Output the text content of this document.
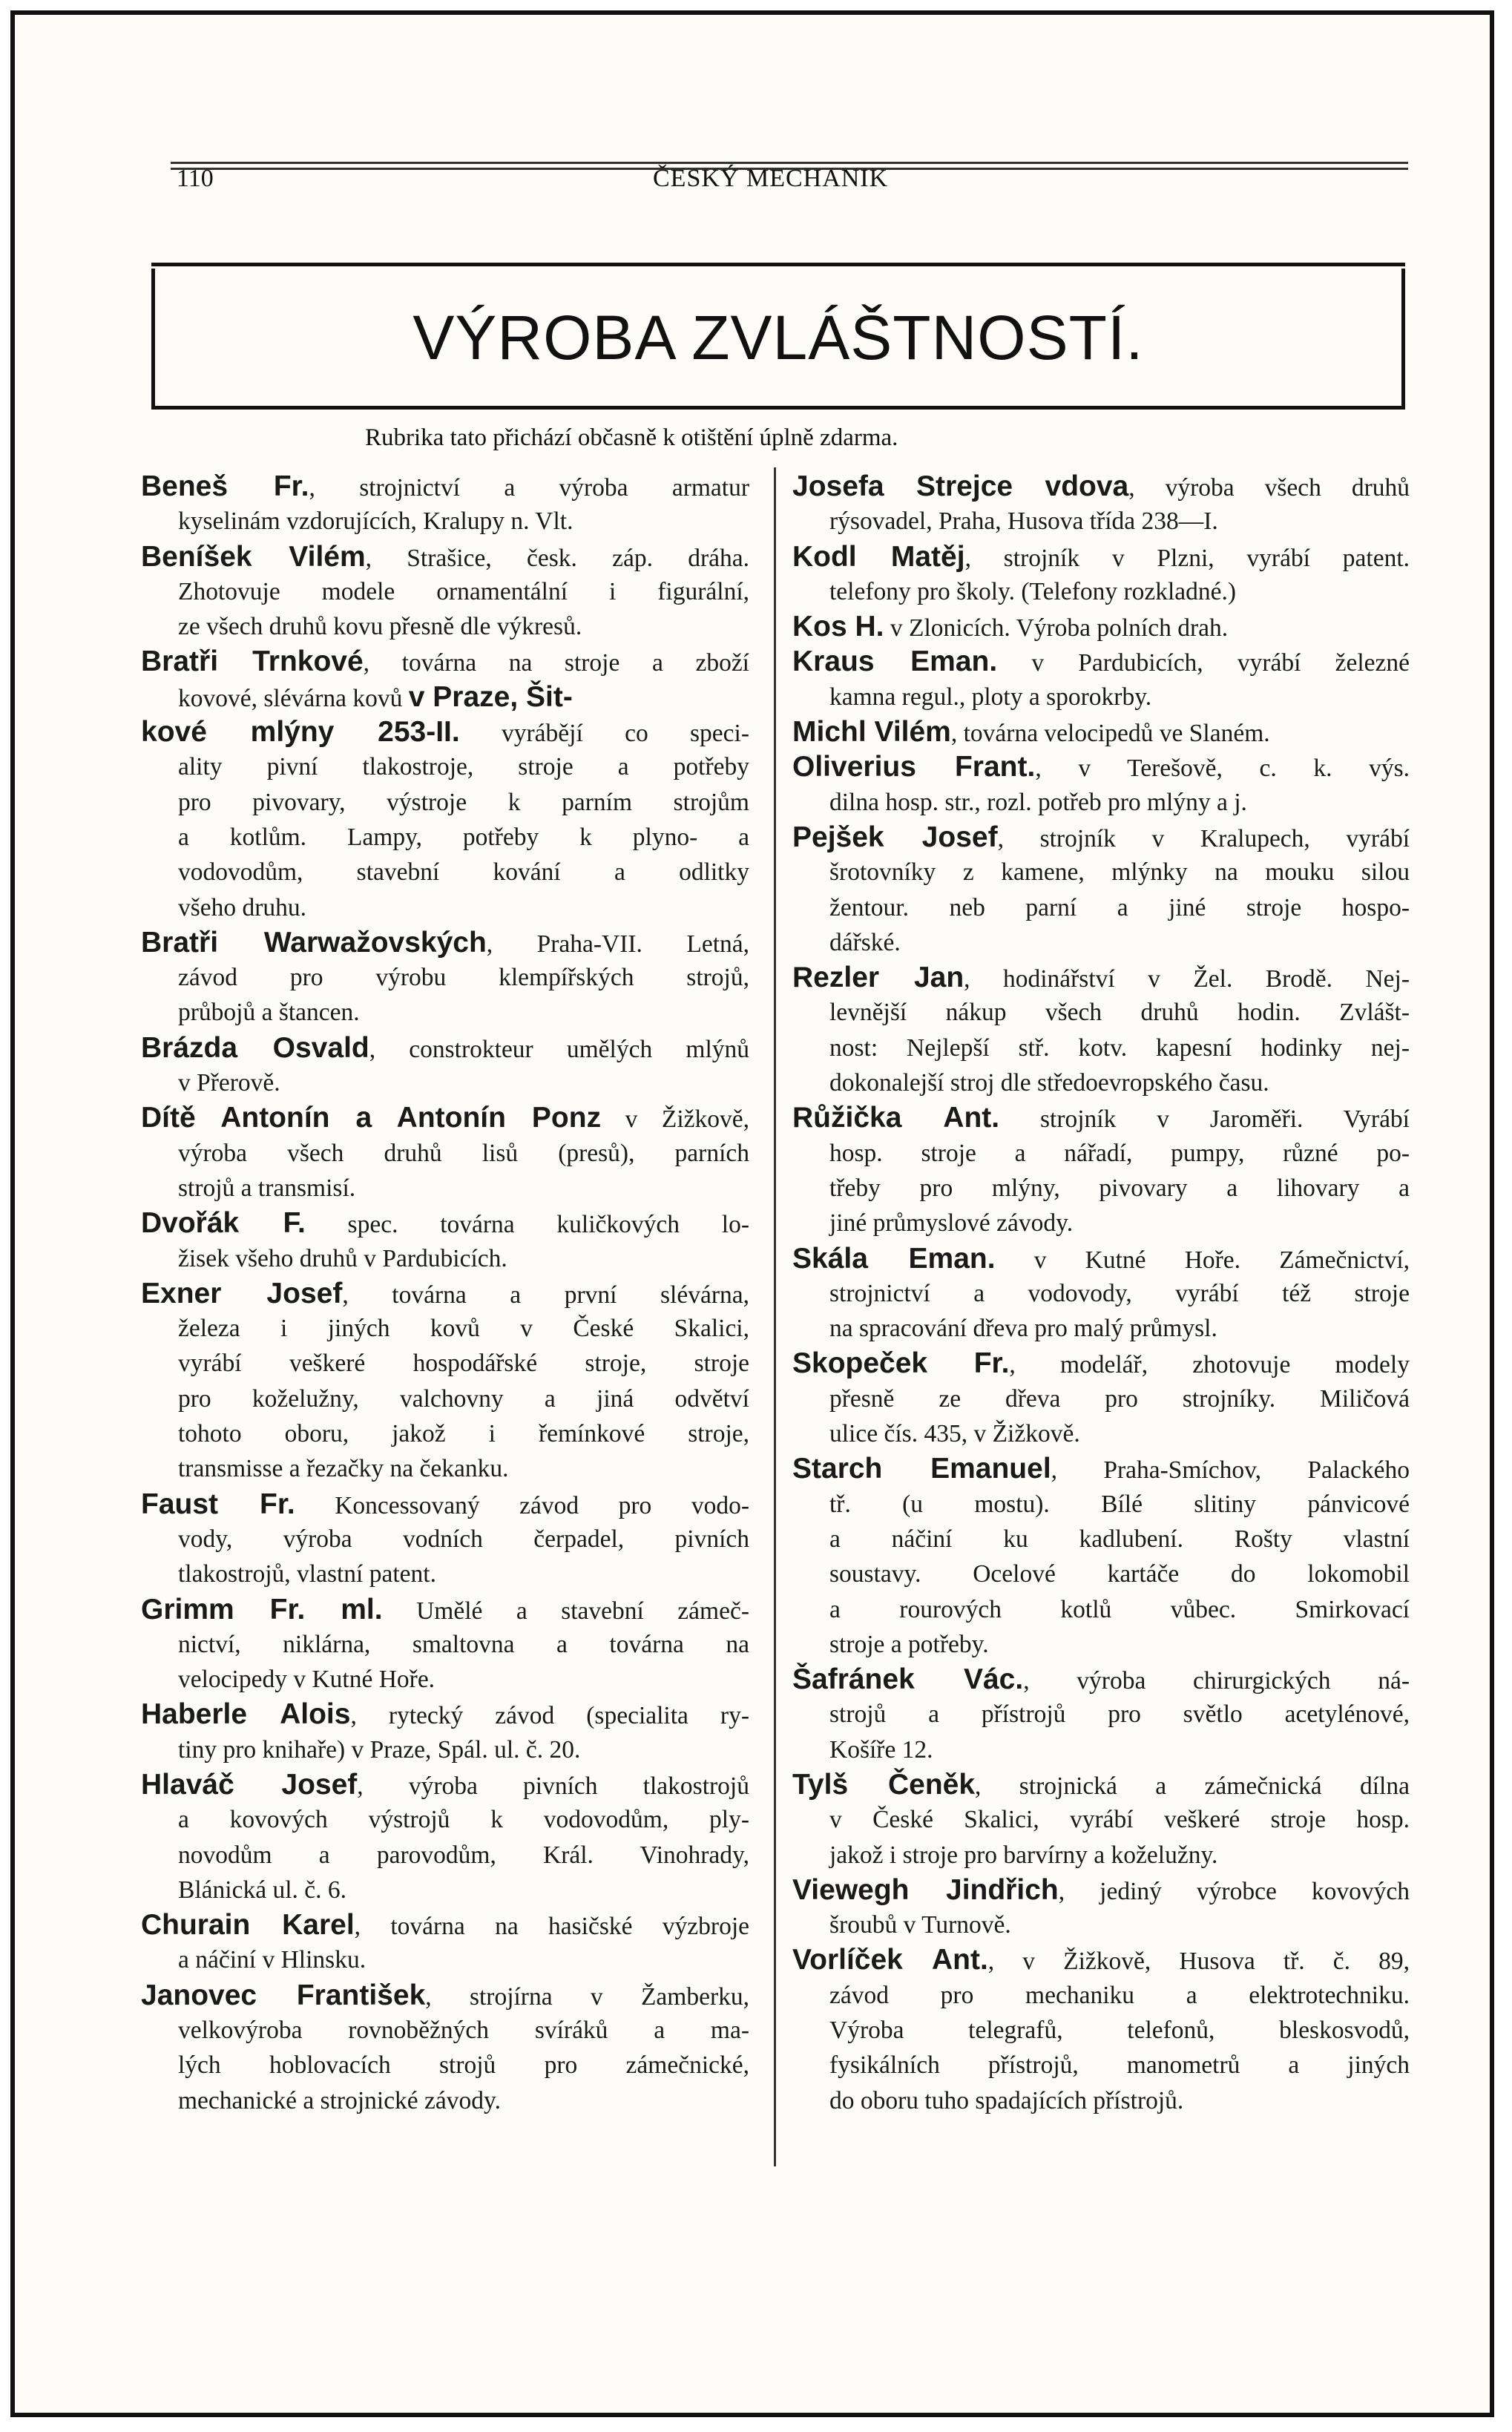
110	ČESKÝ MECHANIK
VÝROBA ZVLÁŠTNOSTÍ.
Rubrika tato přichází občasně k otištění úplně zdarma.
Beneš Fr., strojnictví a výroba armatur
kyselinám vzdorujících, Kralupy n. Vlt.
Beníšek Vilém, Strašice, česk. záp. dráha.
Zhotovuje modele ornamentální i figurální,
ze všech druhů kovu přesně dle výkresů.
Bratři Trnkové, továrna na stroje a zboží
kovové, slévárna kovů v Praze, Šit-
kové mlýny 253-II. vyrábějí co speci-
ality pivní tlakostroje, stroje a potřeby
pro pivovary, výstroje k parním strojům
a kotlům. Lampy, potřeby k plyno- a
vodovodům, stavební kování a odlitky
všeho druhu.
Bratři Warwažovských, Praha-VII. Letná,
závod pro výrobu klempířských strojů,
průbojů a štancen.
Brázda Osvald, constrokteur umělých mlýnů
v Přerově.
Dítě Antonín a Antonín Ponz v Žižkově,
výroba všech druhů lisů (presů), parních
strojů a transmisí.
Dvořák F. spec. továrna kuličkových lo-
žisek všeho druhů v Pardubicích.
Exner Josef, továrna a první slévárna,
železa i jiných kovů v České Skalici,
vyrábí veškeré hospodářské stroje, stroje
pro koželužny, valchovny a jiná odvětví
tohoto oboru, jakož i řemínkové stroje,
transmisse a řezačky na čekanku.
Faust Fr. Koncessovaný závod pro vodo-
vody, výroba vodních čerpadel, pivních
tlakostrojů, vlastní patent.
Grimm Fr. ml. Umělé a stavební zámeč-
nictví, niklárna, smaltovna a továrna na
velocipedy v Kutné Hoře.
Haberle Alois, rytecký závod (specialita ry-
tiny pro knihaře) v Praze, Spál. ul. č. 20.
Hlaváč Josef, výroba pivních tlakostrojů
a kovových výstrojů k vodovodům, ply-
novodům a parovodům, Král. Vinohrady,
Blánická ul. č. 6.
Churain Karel, továrna na hasičské výzbroje
a náčiní v Hlinsku.
Janovec František, strojírna v Žamberku,
velkovýroba rovnoběžných svíráků a ma-
lých hoblovacích strojů pro zámečnické,
mechanické a strojnické závody.
Josefa Strejce vdova, výroba všech druhů
rýsovadel, Praha, Husova třída 238—I.
Kodl Matěj, strojník v Plzni, vyrábí patent.
telefony pro školy. (Telefony rozkladné.)
Kos H. v Zlonicích. Výroba polních drah.
Kraus Eman. v Pardubicích, vyrábí železné
kamna regul., ploty a sporokrby.
Michl Vilém, továrna velocipedů ve Slaném.
Oliverius Frant., v Terešově, c. k. výs.
dilna hosp. str., rozl. potřeb pro mlýny a j.
Pejšek Josef, strojník v Kralupech, vyrábí
šrotovníky z kamene, mlýnky na mouku silou
žentour. neb parní a jiné stroje hospo-
dářské.
Rezler Jan, hodinářství v Žel. Brodě. Nej-
levnější nákup všech druhů hodin. Zvlášt-
nost: Nejlepší stř. kotv. kapesní hodinky nej-
dokonalejší stroj dle středoevropského času.
Růžička Ant. strojník v Jaroměři. Vyrábí
hosp. stroje a nářadí, pumpy, různé po-
třeby pro mlýny, pivovary a lihovary a
jiné průmyslové závody.
Skála Eman. v Kutné Hoře. Zámečnictví,
strojnictví a vodovody, vyrábí též stroje
na spracování dřeva pro malý průmysl.
Skopeček Fr., modelář, zhotovuje modely
přesně ze dřeva pro strojníky. Miličová
ulice čís. 435, v Žižkově.
Starch Emanuel, Praha-Smíchov, Palackého
tř. (u mostu). Bílé slitiny pánvicové
a náčiní ku kadlubení. Rošty vlastní
soustavy. Ocelové kartáče do lokomobil
a rourových kotlů vůbec. Smirkovací
stroje a potřeby.
Šafránek Vác., výroba chirurgických ná-
strojů a přístrojů pro světlo acetylénové,
Košíře 12.
Tylš Čeněk, strojnická a zámečnická dílna
v České Skalici, vyrábí veškeré stroje hosp.
jakož i stroje pro barvírny a koželužny.
Viewegh Jindřich, jediný výrobce kovových
šroubů v Turnově.
Vorlíček Ant., v Žižkově, Husova tř. č. 89,
závod pro mechaniku a elektrotechniku.
Výroba telegrafů, telefonů, bleskosvodů,
fysikálních přístrojů, manometrů a jiných
do oboru tuho spadajících přístrojů.
